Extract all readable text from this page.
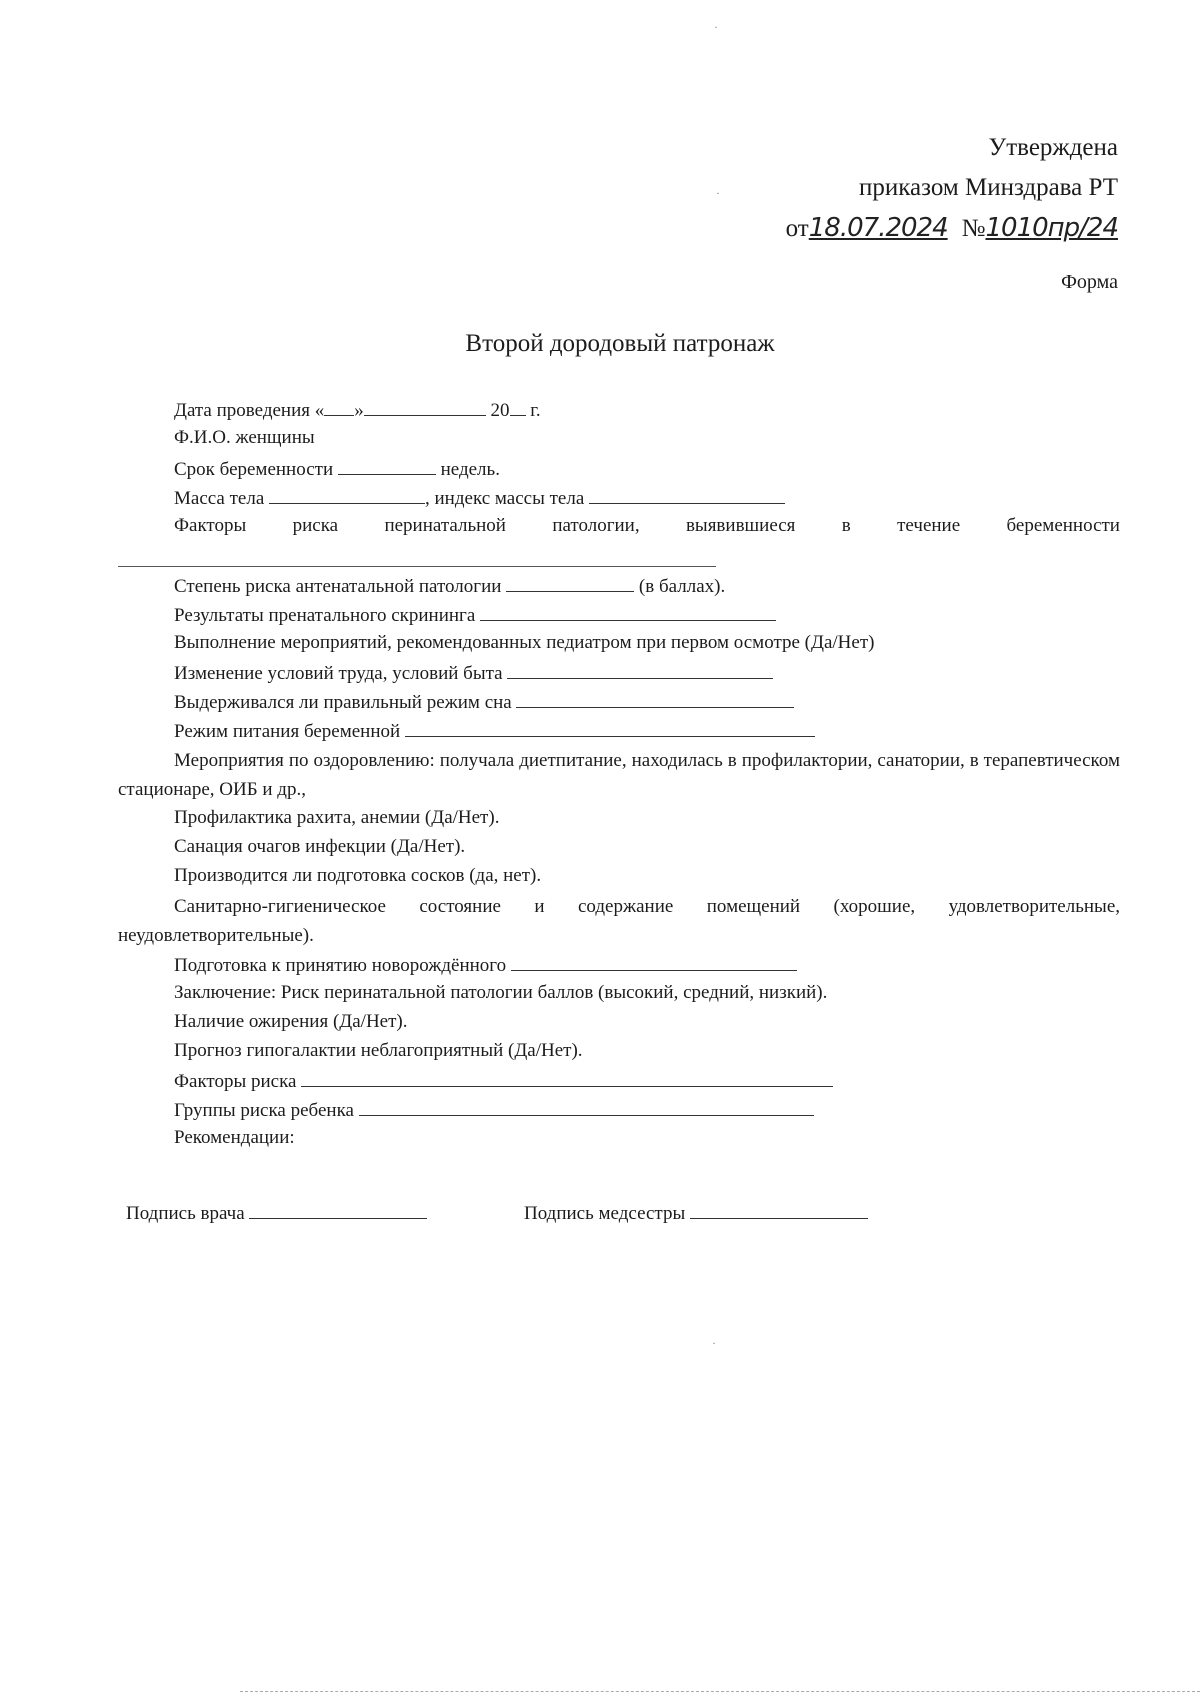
Утверждена
приказом Минздрава РТ
от18.07.2024 №1010пр/24
Форма
Второй дородовый патронаж
Дата проведения « »	20 г.
Ф.И.О. женщины
Срок беременности	недель.
Масса тела	, индекс массы тела
Факторы риска перинатальной патологии, выявившиеся в течение беременности
Степень риска антенатальной патологии	(в баллах).
Результаты пренатального скрининга
Выполнение мероприятий, рекомендованных педиатром при первом осмотре (Да/Нет)
Изменение условий труда, условий быта
Выдерживался ли правильный режим сна
Режим питания беременной
Мероприятия по оздоровлению: получала диетпитание, находилась в профилактории, санатории, в терапевтическом стационаре, ОИБ и др.,
Профилактика рахита, анемии (Да/Нет).
Санация очагов инфекции (Да/Нет).
Производится ли подготовка сосков (да, нет).
Санитарно-гигиеническое состояние и содержание помещений (хорошие, удовлетворительные, неудовлетворительные).
Подготовка к принятию новорождённого
Заключение: Риск перинатальной патологии баллов (высокий, средний, низкий).
Наличие ожирения (Да/Нет).
Прогноз гипогалактии неблагоприятный (Да/Нет).
Факторы риска
Группы риска ребенка
Рекомендации:
Подпись врача	Подпись медсестры
·
·
·
